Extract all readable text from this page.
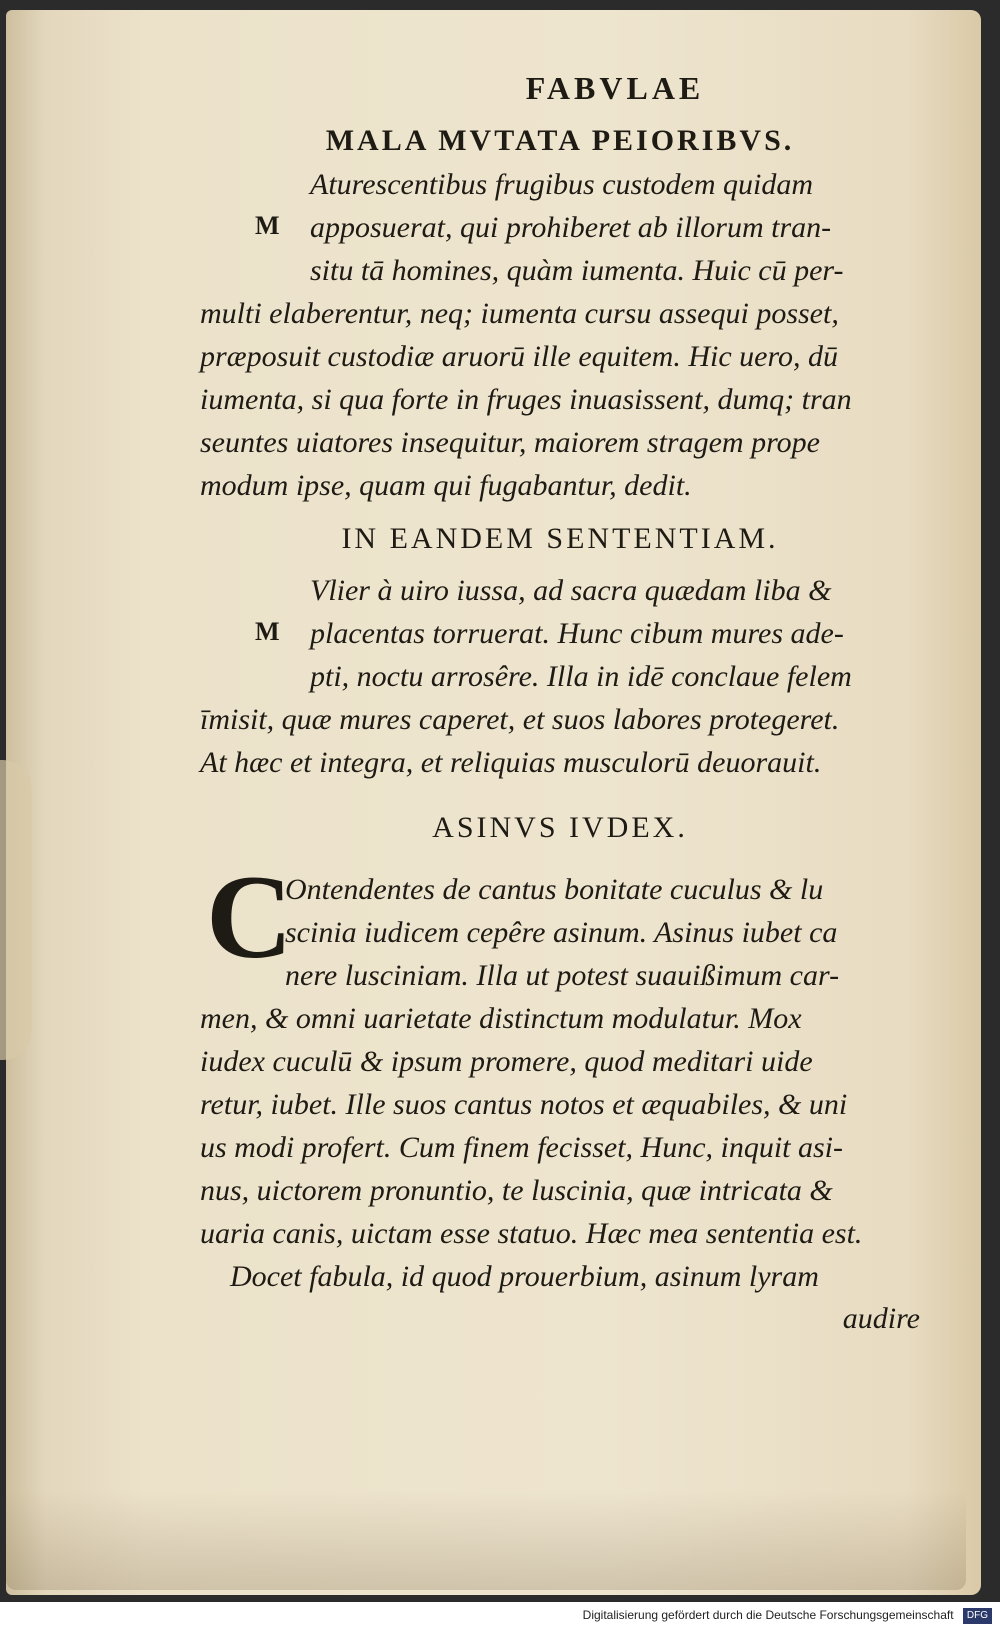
FABVLAE
MALA MVTATA PEIORIBVS.
M
Aturescentibus frugibus custodem quidam
apposuerat, qui prohiberet ab illorum tran-
situ tā homines, quàm iumenta. Huic cū per-
multi elaberentur, neq; iumenta cursu assequi posset,
præposuit custodiæ aruorū ille equitem. Hic uero, dū
iumenta, si qua forte in fruges inuasissent, dumq; tran
seuntes uiatores insequitur, maiorem stragem prope
modum ipse, quam qui fugabantur, dedit.
IN EANDEM SENTENTIAM.
M
Vlier à uiro iussa, ad sacra quædam liba &
placentas torruerat. Hunc cibum mures ade-
pti, noctu arrosêre. Illa in idē conclaue felem
īmisit, quæ mures caperet, et suos labores protegeret.
At hæc et integra, et reliquias musculorū deuorauit.
ASINVS IVDEX.
C
Ontendentes de cantus bonitate cuculus & lu
scinia iudicem cepêre asinum. Asinus iubet ca
nere lusciniam. Illa ut potest suauißimum car-
men, & omni uarietate distinctum modulatur. Mox
iudex cuculū & ipsum promere, quod meditari uide
retur, iubet. Ille suos cantus notos et æquabiles, & uni
us modi profert. Cum finem fecisset, Hunc, inquit asi-
nus, uictorem pronuntio, te luscinia, quæ intricata &
uaria canis, uictam esse statuo. Hæc mea sententia est.
Docet fabula, id quod prouerbium, asinum lyram
audire
Digitalisierung gefördert durch die Deutsche Forschungsgemeinschaft DFG
